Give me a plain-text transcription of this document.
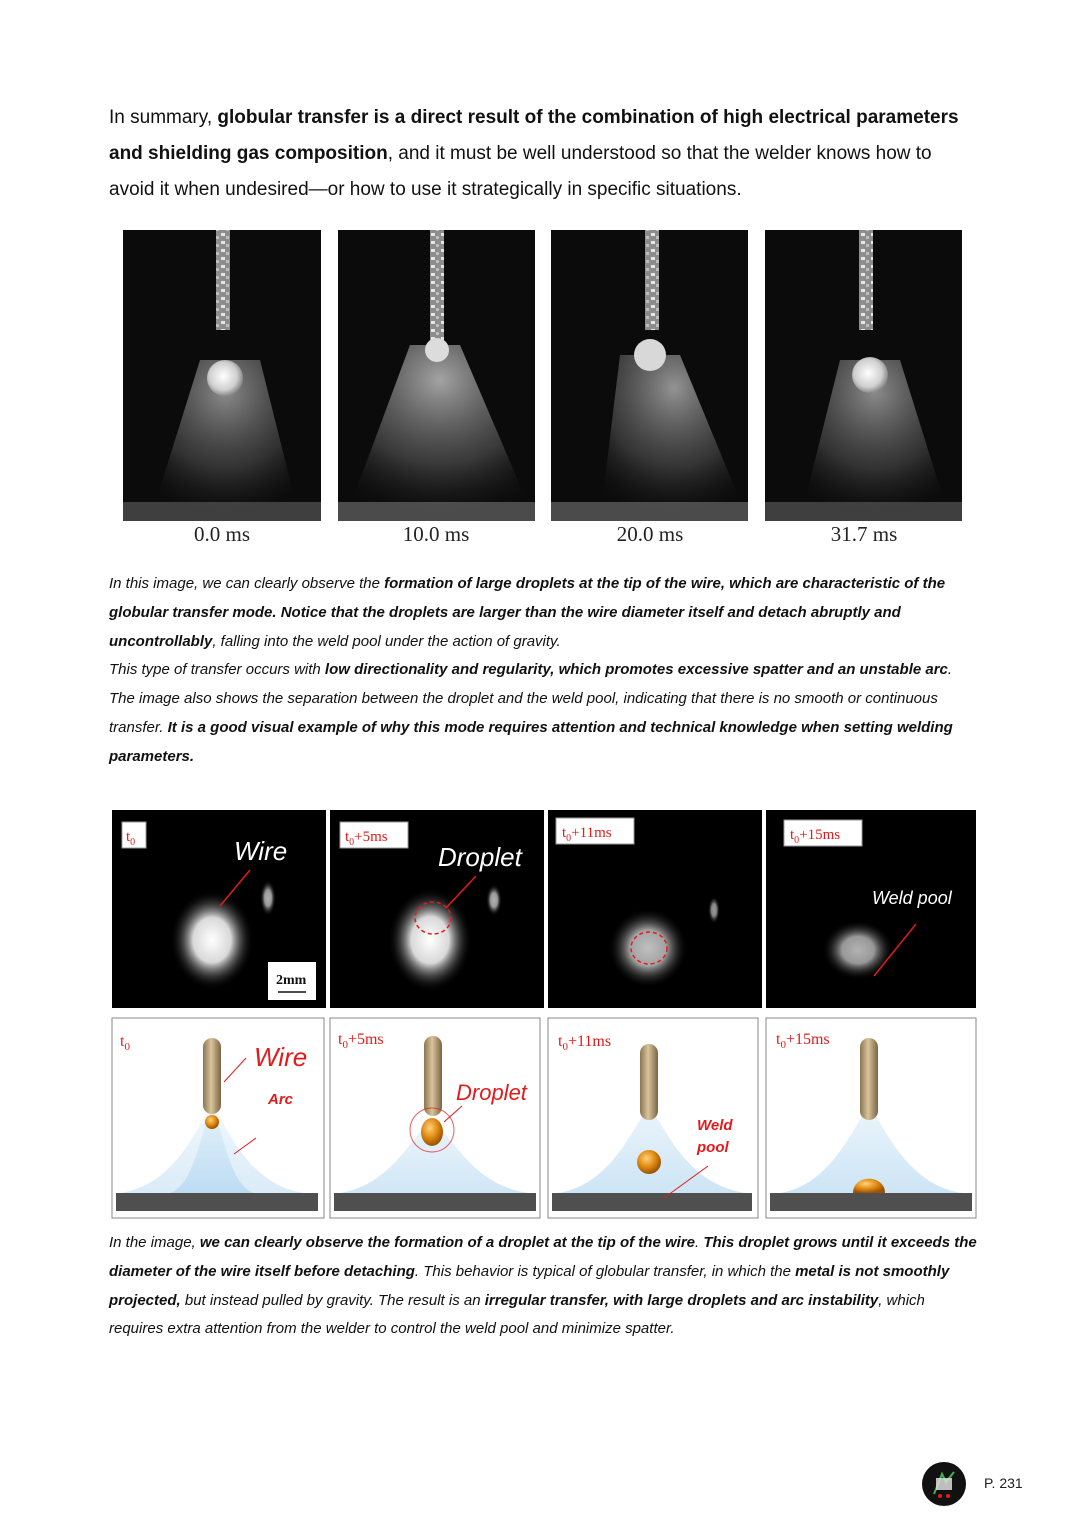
In summary, globular transfer is a direct result of the combination of high electrical parameters and shielding gas composition, and it must be well understood so that the welder knows how to avoid it when undesired—or how to use it strategically in specific situations.
0.0 ms	10.0 ms	20.0 ms	31.7 ms
In this image, we can clearly observe the formation of large droplets at the tip of the wire, which are characteristic of the globular transfer mode. Notice that the droplets are larger than the wire diameter itself and detach abruptly and uncontrollably, falling into the weld pool under the action of gravity.
This type of transfer occurs with low directionality and regularity, which promotes excessive spatter and an unstable arc. The image also shows the separation between the droplet and the weld pool, indicating that there is no smooth or continuous transfer. It is a good visual example of why this mode requires attention and technical knowledge when setting welding parameters.
$t_0$	Wire
2mm
$t_0+5ms$
Droplet
$t_0+11ms$	$t_0+15ms$
Weld pool
$t_0$	Wire
Arc
$t_0+5ms$
Droplet
$t_0+11ms$
Weld
pool
$t_0+15ms$
In the image, we can clearly observe the formation of a droplet at the tip of the wire. This droplet grows until it exceeds the diameter of the wire itself before detaching. This behavior is typical of globular transfer, in which the metal is not smoothly projected, but instead pulled by gravity. The result is an irregular transfer, with large droplets and arc instability, which requires extra attention from the welder to control the weld pool and minimize spatter.
P. 231
